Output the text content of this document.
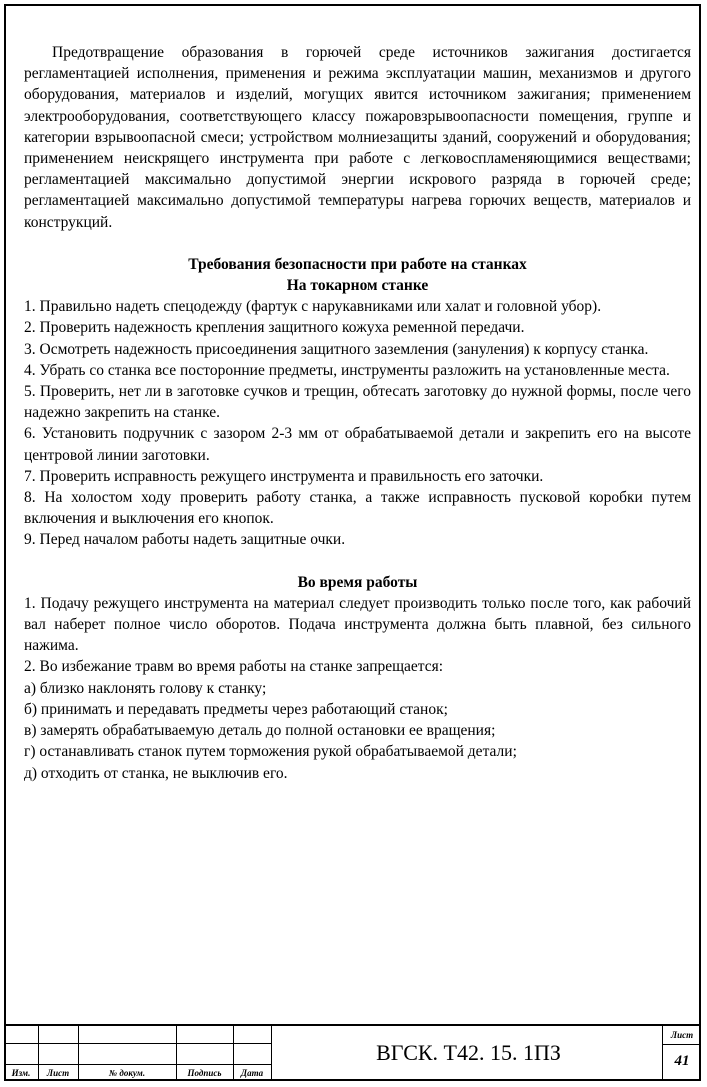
Предотвращение образования в горючей среде источников зажигания достигается регламентацией исполнения, применения и режима эксплуатации машин, механизмов и другого оборудования, материалов и изделий, могущих явится источником зажигания; применением электрооборудования, соответствующего классу пожаровзрывоопасности помещения, группе и категории взрывоопасной смеси; устройством молниезащиты зданий, сооружений и оборудования; применением неискрящего инструмента при работе с легковоспламеняющимися веществами; регламентацией максимально допустимой энергии искрового разряда в горючей среде; регламентацией максимально допустимой температуры нагрева горючих веществ, материалов и конструкций.

Требования безопасности при работе на станках

На токарном станке

1. Правильно надеть спецодежду (фартук с нарукавниками или халат и головной убор).

2. Проверить надежность крепления защитного кожуха ременной передачи.

3. Осмотреть надежность присоединения защитного заземления (зануления) к корпусу станка.

4. Убрать со станка все посторонние предметы, инструменты разложить на установленные места.

5. Проверить, нет ли в заготовке сучков и трещин, обтесать заготовку до нужной формы, после чего надежно закрепить на станке.

6. Установить подручник с зазором 2-3 мм от обрабатываемой детали и закрепить его на высоте центровой линии заготовки.

7. Проверить исправность режущего инструмента и правильность его заточки.

8. На холостом ходу проверить работу станка, а также исправность пусковой коробки путем включения и выключения его кнопок.

9. Перед началом работы надеть защитные очки.

Во время работы

1. Подачу режущего инструмента на материал следует производить только после того, как рабочий вал наберет полное число оборотов. Подача инструмента должна быть плавной, без сильного нажима.

2. Во избежание травм во время работы на станке запрещается:

а) близко наклонять голову к станку;

б) принимать и передавать предметы через работающий станок;

в) замерять обрабатываемую деталь до полной остановки ее вращения;

г) останавливать станок путем торможения рукой обрабатываемой детали;

д) отходить от станка, не выключив его.

Изм.	Лист	№ докум.	Подпись	Дата
ВГСК. Т42. 15. 1ПЗ
Лист
41
